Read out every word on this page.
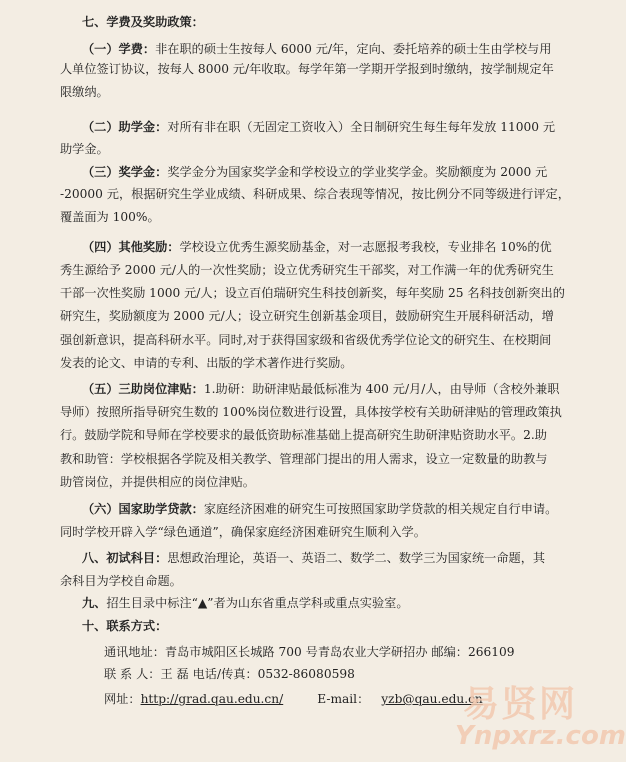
七、学费及奖助政策：
（一）学费：非在职的硕士生按每人 6000 元/年，定向、委托培养的硕士生由学校与用
人单位签订协议，按每人 8000 元/年收取。每学年第一学期开学报到时缴纳，按学制规定年
限缴纳。
（二）助学金：对所有非在职（无固定工资收入）全日制研究生每生每年发放 11000 元
助学金。
（三）奖学金：奖学金分为国家奖学金和学校设立的学业奖学金。奖励额度为 2000 元
-20000 元，根据研究生学业成绩、科研成果、综合表现等情况，按比例分不同等级进行评定，
覆盖面为 100%。
（四）其他奖励：学校设立优秀生源奖励基金，对一志愿报考我校，专业排名 10%的优
秀生源给予 2000 元/人的一次性奖励；设立优秀研究生干部奖，对工作满一年的优秀研究生
干部一次性奖励 1000 元/人；设立百伯瑞研究生科技创新奖，每年奖励 25 名科技创新突出的
研究生，奖励额度为 2000 元/人；设立研究生创新基金项目，鼓励研究生开展科研活动，增
强创新意识，提高科研水平。同时,对于获得国家级和省级优秀学位论文的研究生、在校期间
发表的论文、申请的专利、出版的学术著作进行奖励。
（五）三助岗位津贴：1.助研：助研津贴最低标准为 400 元/月/人，由导师（含校外兼职
导师）按照所指导研究生数的 100%岗位数进行设置，具体按学校有关助研津贴的管理政策执
行。鼓励学院和导师在学校要求的最低资助标准基础上提高研究生助研津贴资助水平。2.助
教和助管：学校根据各学院及相关教学、管理部门提出的用人需求，设立一定数量的助教与
助管岗位，并提供相应的岗位津贴。
（六）国家助学贷款：家庭经济困难的研究生可按照国家助学贷款的相关规定自行申请。
同时学校开辟入学“绿色通道”，确保家庭经济困难研究生顺利入学。
八、初试科目：思想政治理论，英语一、英语二、数学二、数学三为国家统一命题，其
余科目为学校自命题。
九、招生目录中标注“▲”者为山东省重点学科或重点实验室。
十、联系方式：
通讯地址：青岛市城阳区长城路 700 号青岛农业大学研招办 邮编：266109
联 系 人：王 磊 电话/传真：0532-86080598
网址：http://grad.qau.edu.cn/	E-mail： yzb@qau.edu.cn
易贤网
Ynpxrz.com
